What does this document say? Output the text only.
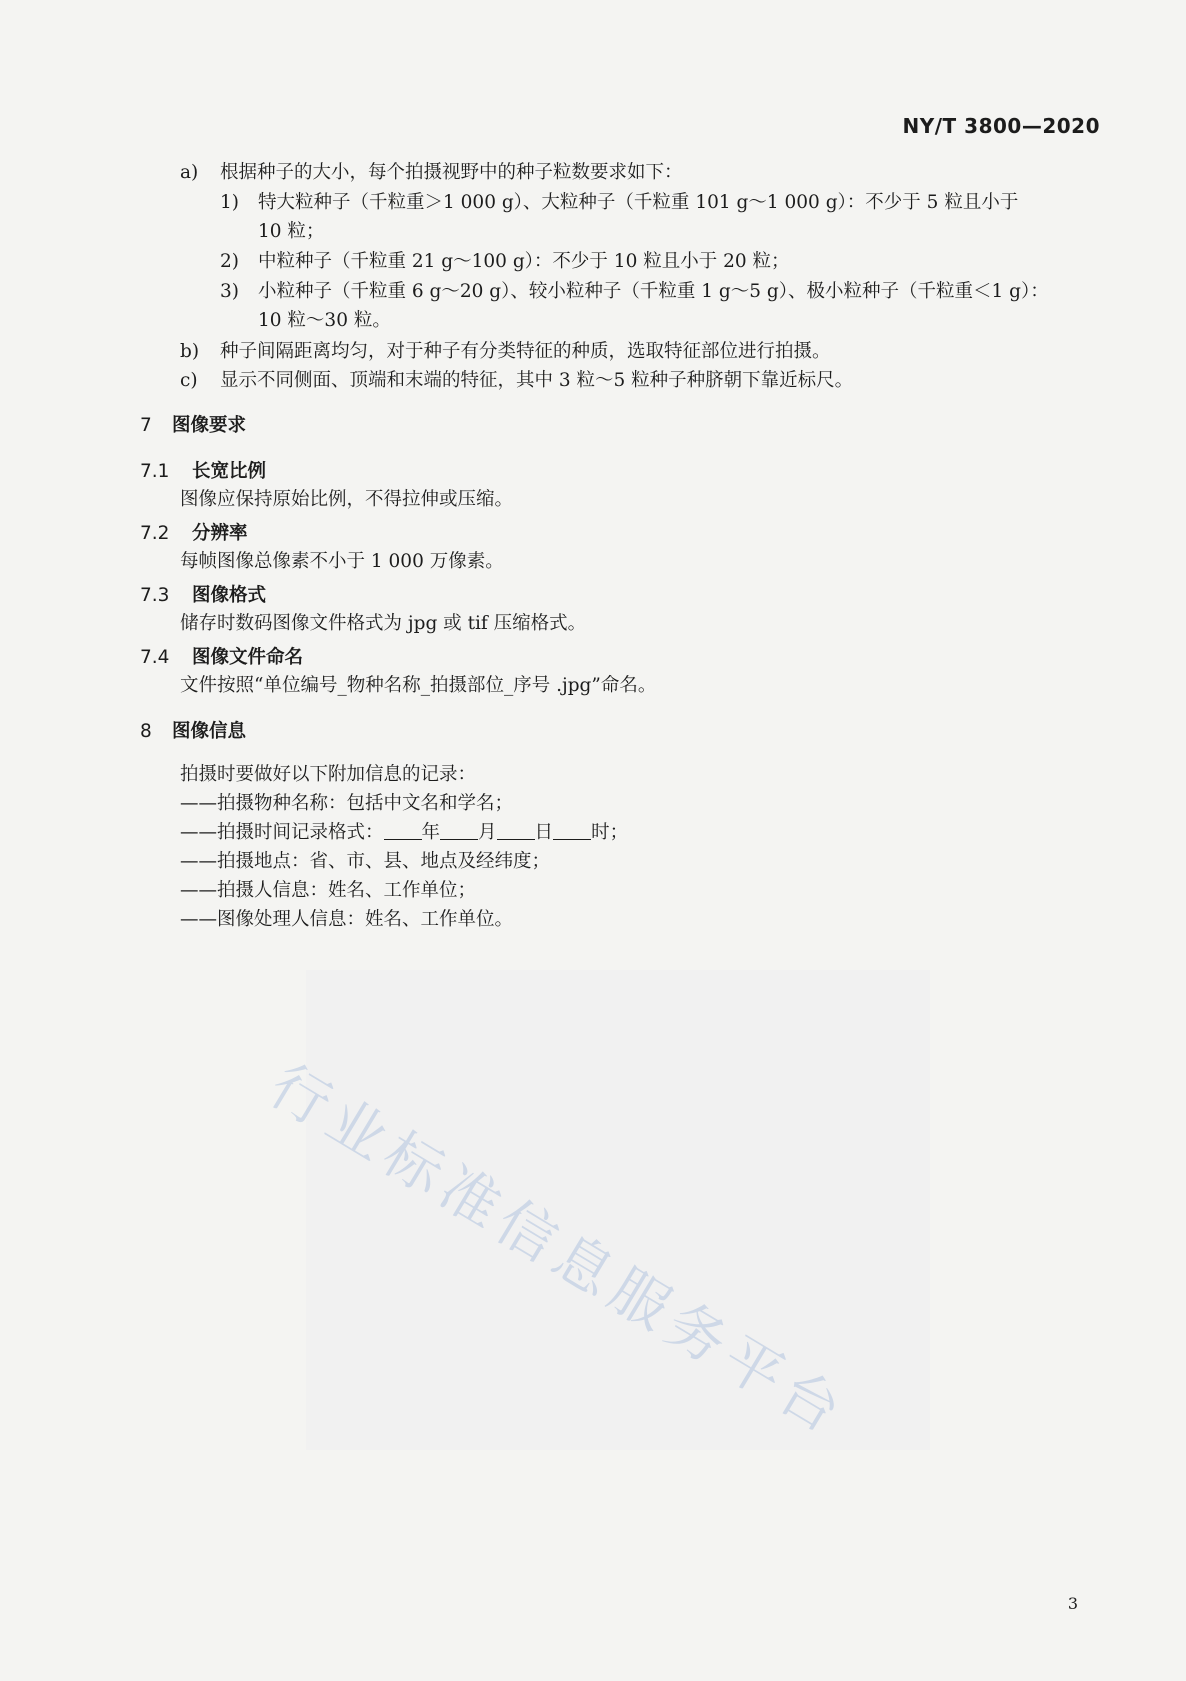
行业标准信息服务平台
NY/T 3800—2020
a) 根据种子的大小，每个拍摄视野中的种子粒数要求如下：
1) 特大粒种子（千粒重＞1 000 g）、大粒种子（千粒重 101 g～1 000 g）：不少于 5 粒且小于
10 粒；
2) 中粒种子（千粒重 21 g～100 g）：不少于 10 粒且小于 20 粒；
3) 小粒种子（千粒重 6 g～20 g）、较小粒种子（千粒重 1 g～5 g）、极小粒种子（千粒重＜1 g）：
10 粒～30 粒。
b) 种子间隔距离均匀，对于种子有分类特征的种质，选取特征部位进行拍摄。
c) 显示不同侧面、顶端和末端的特征，其中 3 粒～5 粒种子种脐朝下靠近标尺。
7 图像要求
7.1 长宽比例
图像应保持原始比例，不得拉伸或压缩。
7.2 分辨率
每帧图像总像素不小于 1 000 万像素。
7.3 图像格式
储存时数码图像文件格式为 jpg 或 tif 压缩格式。
7.4 图像文件命名
文件按照“单位编号_物种名称_拍摄部位_序号 .jpg”命名。
8 图像信息
拍摄时要做好以下附加信息的记录：
——拍摄物种名称：包括中文名和学名；
——拍摄时间记录格式： 年 月 日 时；
——拍摄地点：省、市、县、地点及经纬度；
——拍摄人信息：姓名、工作单位；
——图像处理人信息：姓名、工作单位。
3
